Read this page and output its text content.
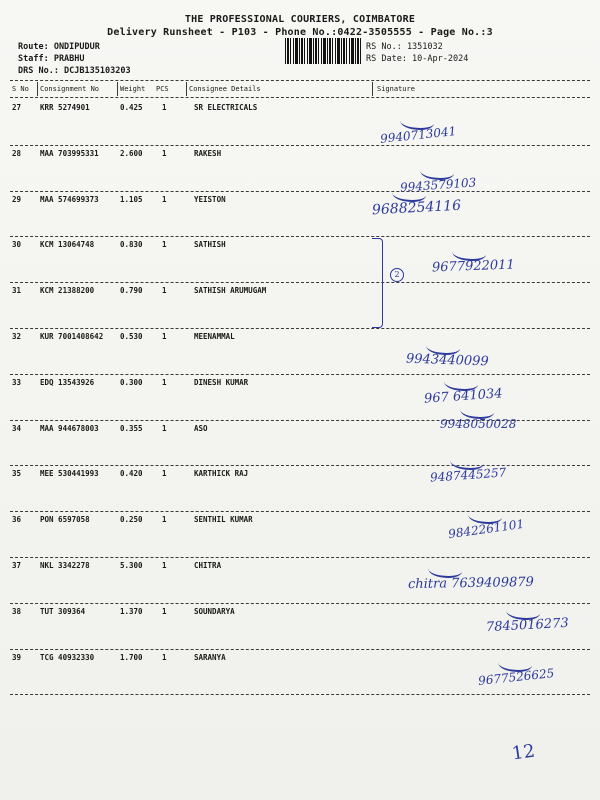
THE PROFESSIONAL COURIERS, COIMBATORE
Delivery Runsheet - P103 - Phone No.:0422-3505555 - Page No.:3
Route: ONDIPUDUR
Staff: PRABHU
DRS No.: DCJB135103203
RS No.: 1351032
RS Date: 10-Apr-2024
S No Consignment No	Weight PCS	Consignee Details	Signature
27	KRR 5274901	0.425	1	SR ELECTRICALS
9940713041
28	MAA 703995331	2.600	1	RAKESH
9943579103
29	MAA 574699373	1.105	1	YEISTON	9688254116
30	KCM 13064748	0.830	1	SATHISH
9677922011
31	KCM 21388200	0.790	1	SATHISH ARUMUGAM
32	KUR 7001408642 0.530	1	MEENAMMAL
9943440099
33	EDQ 13543926	0.300	1	DINESH KUMAR
967 641034
34	MAA 944678003	0.355	1	ASO	9948050028
35	MEE 530441993	0.420	1	KARTHICK RAJ	9487445257
36	PON 6597058	0.250	1	SENTHIL KUMAR	9842261101
37	NKL 3342278	5.300	1	CHITRA
chitra 7639409879
38	TUT 309364	1.370	1	SOUNDARYA
7845016273
39	TCG 40932330	1.700	1	SARANYA
9677526625
2
12
